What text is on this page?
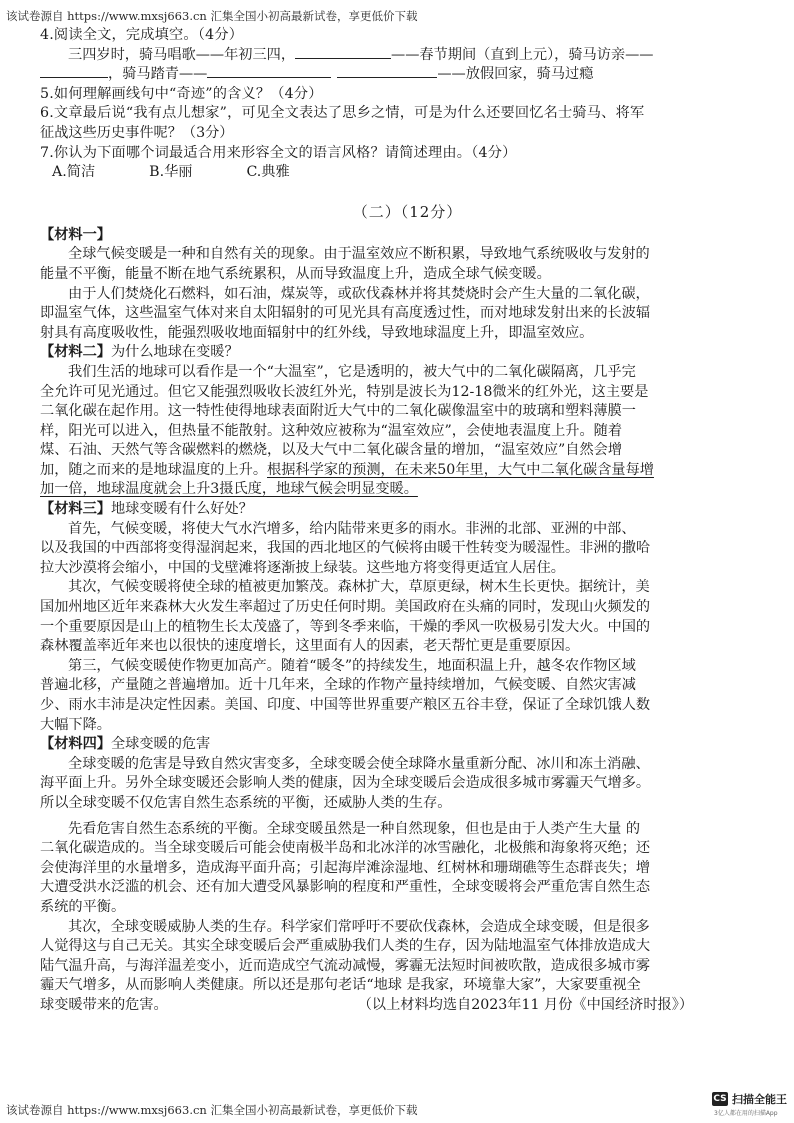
该试卷源自 https://www.mxsj663.cn 汇集全国小初高最新试卷，享更低价下载
4.阅读全文，完成填空。（4分）
三四岁时，骑马唱歌——年初三四，	——春节期间（直到上元），骑马访亲——
，骑马踏青——	——放假回家，骑马过瘾
5.如何理解画线句中“奇迹”的含义？（4分）
6.文章最后说“我有点儿想家”，可见全文表达了思乡之情，可是为什么还要回忆名士骑马、将军
征战这些历史事件呢？（3分）
7.你认为下面哪个词最适合用来形容全文的语言风格？请简述理由。（4分）
A.简洁	B.华丽	C.典雅
（二）（12分）
【材料一】
全球气候变暖是一种和自然有关的现象。由于温室效应不断积累，导致地气系统吸收与发射的
能量不平衡，能量不断在地气系统累积，从而导致温度上升，造成全球气候变暖。
由于人们焚烧化石燃料，如石油，煤炭等，或砍伐森林并将其焚烧时会产生大量的二氧化碳，
即温室气体，这些温室气体对来自太阳辐射的可见光具有高度透过性，而对地球发射出来的长波辐
射具有高度吸收性，能强烈吸收地面辐射中的红外线，导致地球温度上升，即温室效应。
【材料二】为什么地球在变暖？
我们生活的地球可以看作是一个“大温室”，它是透明的，被大气中的二氧化碳隔离，几乎完
全允许可见光通过。但它又能强烈吸收长波红外光，特别是波长为12-18微米的红外光，这主要是
二氧化碳在起作用。这一特性使得地球表面附近大气中的二氧化碳像温室中的玻璃和塑料薄膜一
样，阳光可以进入，但热量不能散射。这种效应被称为“温室效应”，会使地表温度上升。随着
煤、石油、天然气等含碳燃料的燃烧，以及大气中二氧化碳含量的增加，“温室效应”自然会增
加，随之而来的是地球温度的上升。根据科学家的预测，在未来50年里，大气中二氧化碳含量每增
加一倍，地球温度就会上升3摄氏度，地球气候会明显变暖。
【材料三】地球变暖有什么好处？
首先，气候变暖，将使大气水汽增多，给内陆带来更多的雨水。非洲的北部、亚洲的中部、
以及我国的中西部将变得湿润起来，我国的西北地区的气候将由暖干性转变为暖湿性。非洲的撒哈
拉大沙漠将会缩小，中国的戈壁滩将逐渐披上绿装。这些地方将变得更适宜人居住。
其次，气候变暖将使全球的植被更加繁茂。森林扩大，草原更绿，树木生长更快。据统计，美
国加州地区近年来森林大火发生率超过了历史任何时期。美国政府在头痛的同时，发现山火频发的
一个重要原因是山上的植物生长太茂盛了，等到冬季来临，干燥的季风一吹极易引发大火。中国的
森林覆盖率近年来也以很快的速度增长，这里面有人的因素，老天帮忙更是重要原因。
第三，气候变暖使作物更加高产。随着“暖冬”的持续发生，地面积温上升，越冬农作物区域
普遍北移，产量随之普遍增加。近十几年来，全球的作物产量持续增加，气候变暖、自然灾害减
少、雨水丰沛是决定性因素。美国、印度、中国等世界重要产粮区五谷丰登，保证了全球饥饿人数
大幅下降。
【材料四】全球变暖的危害
全球变暖的危害是导致自然灾害变多，全球变暖会使全球降水量重新分配、冰川和冻土消融、
海平面上升。另外全球变暖还会影响人类的健康，因为全球变暖后会造成很多城市雾霾天气增多。
所以全球变暖不仅危害自然生态系统的平衡，还威胁人类的生存。
先看危害自然生态系统的平衡。全球变暖虽然是一种自然现象，但也是由于人类产生大量 的
二氧化碳造成的。当全球变暖后可能会使南极半岛和北冰洋的冰雪融化，北极熊和海象将灭绝；还
会使海洋里的水量增多，造成海平面升高；引起海岸滩涂湿地、红树林和珊瑚礁等生态群丧失；增
大遭受洪水泛滥的机会、还有加大遭受风暴影响的程度和严重性，全球变暖将会严重危害自然生态
系统的平衡。
其次，全球变暖威胁人类的生存。科学家们常呼吁不要砍伐森林，会造成全球变暖，但是很多
人觉得这与自己无关。其实全球变暖后会严重威胁我们人类的生存，因为陆地温室气体排放造成大
陆气温升高，与海洋温差变小，近而造成空气流动减慢，雾霾无法短时间被吹散，造成很多城市雾
霾天气增多，从而影响人类健康。所以还是那句老话“地球 是我家，环境靠大家”，大家要重视全
球变暖带来的危害。	（以上材料均选自2023年11 月份《中国经济时报》）
该试卷源自 https://www.mxsj663.cn 汇集全国小初高最新试卷，享更低价下载
CS 扫描全能王
3亿人都在用的扫描App
